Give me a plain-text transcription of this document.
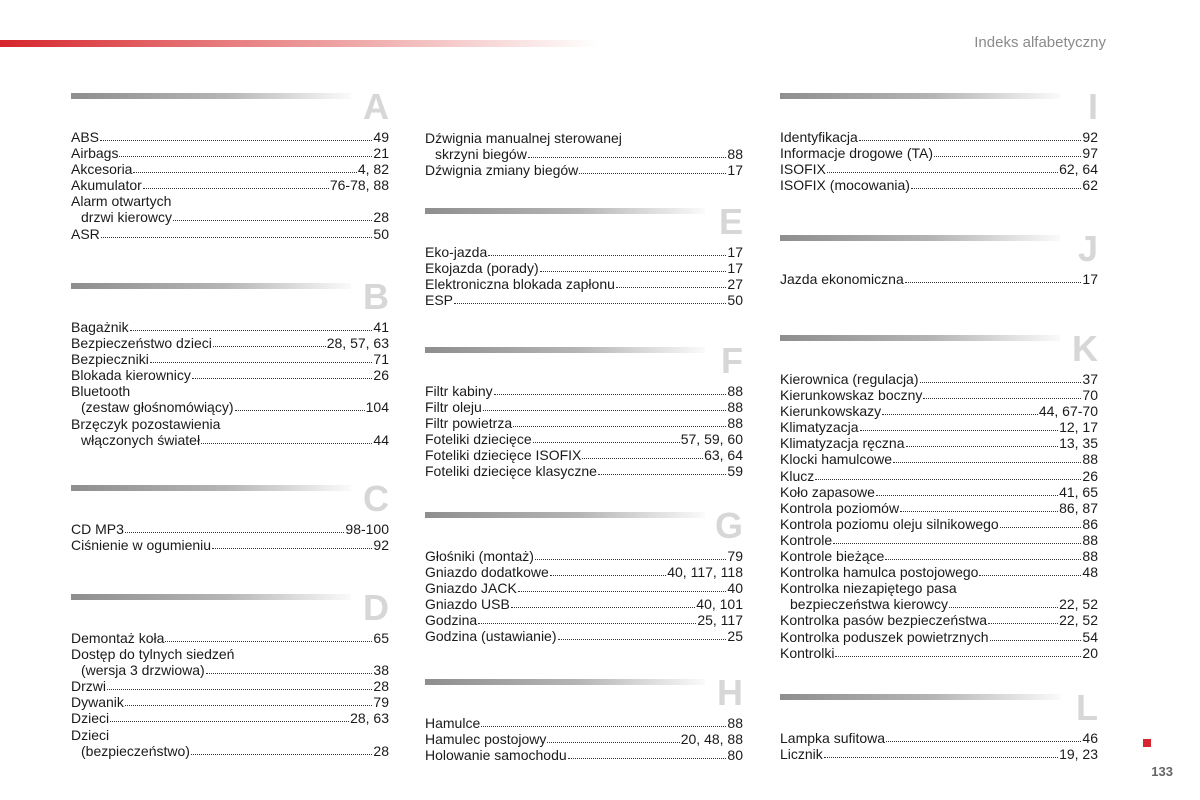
Indeks alfabetyczny
A
ABS	49
Airbags	21
Akcesoria	4, 82
Akumulator	76-78, 88
Alarm otwartych
drzwi kierowcy	28
ASR	50
B
Bagażnik	41
Bezpieczeństwo dzieci	28, 57, 63
Bezpieczniki	71
Blokada kierownicy	26
Bluetooth
(zestaw głośnomówiący)	104
Brzęczyk pozostawienia
włączonych świateł	44
C
CD MP3	98-100
Ciśnienie w ogumieniu	92
D
Demontaż koła	65
Dostęp do tylnych siedzeń
(wersja 3 drzwiowa)	38
Drzwi	28
Dywanik	79
Dzieci	28, 63
Dzieci
(bezpieczeństwo)	28
Dźwignia manualnej sterowanej
skrzyni biegów	88
Dźwignia zmiany biegów	17
E
Eko-jazda	17
Ekojazda (porady)	17
Elektroniczna blokada zapłonu	27
ESP	50
F
Filtr kabiny	88
Filtr oleju	88
Filtr powietrza	88
Foteliki dziecięce	57, 59, 60
Foteliki dziecięce ISOFIX	63, 64
Foteliki dziecięce klasyczne	59
G
Głośniki (montaż)	79
Gniazdo dodatkowe	40, 117, 118
Gniazdo JACK	40
Gniazdo USB	40, 101
Godzina	25, 117
Godzina (ustawianie)	25
H
Hamulce	88
Hamulec postojowy	20, 48, 88
Holowanie samochodu	80
I
Identyfikacja	92
Informacje drogowe (TA)	97
ISOFIX	62, 64
ISOFIX (mocowania)	62
J
Jazda ekonomiczna	17
K
Kierownica (regulacja)	37
Kierunkowskaz boczny	70
Kierunkowskazy	44, 67-70
Klimatyzacja	12, 17
Klimatyzacja ręczna	13, 35
Klocki hamulcowe	88
Klucz	26
Koło zapasowe	41, 65
Kontrola poziomów	86, 87
Kontrola poziomu oleju silnikowego	86
Kontrole	88
Kontrole bieżące	88
Kontrolka hamulca postojowego	48
Kontrolka niezapiętego pasa
bezpieczeństwa kierowcy	22, 52
Kontrolka pasów bezpieczeństwa	22, 52
Kontrolka poduszek powietrznych	54
Kontrolki	20
L
Lampka sufitowa	46
Licznik	19, 23
133
